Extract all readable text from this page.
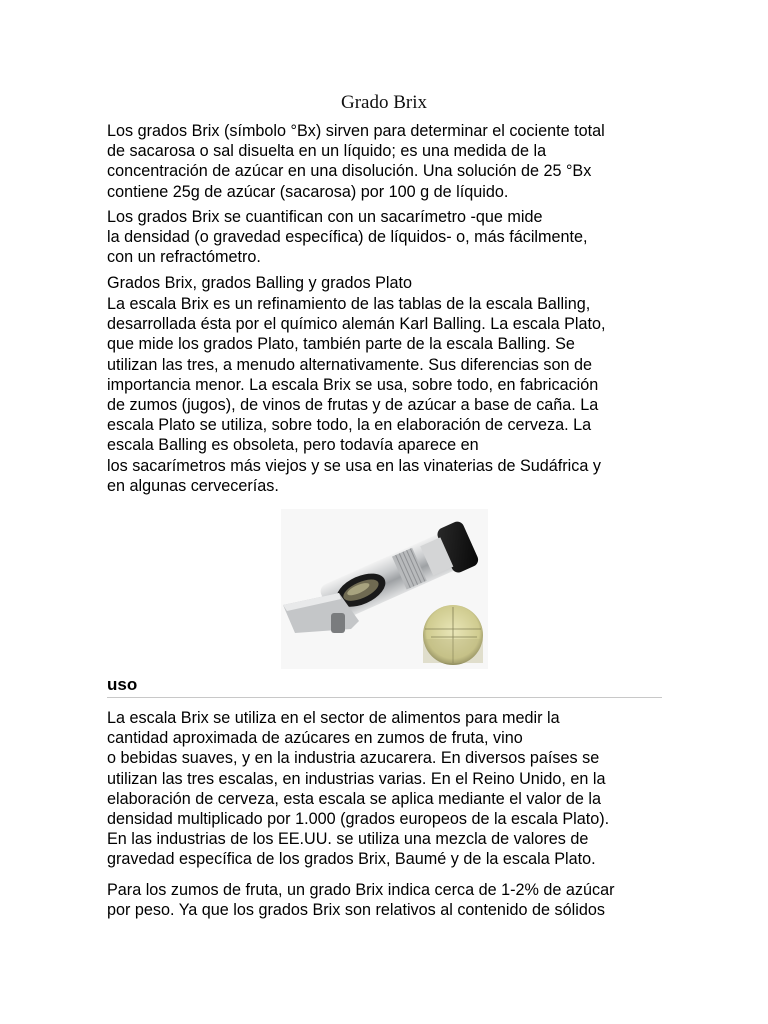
Grado Brix
Los grados Brix (símbolo °Bx) sirven para determinar el cociente total
de sacarosa o sal disuelta en un líquido; es una medida de la
concentración de azúcar en una disolución. Una solución de 25 °Bx
contiene 25g de azúcar (sacarosa) por 100 g de líquido.
Los grados Brix se cuantifican con un sacarímetro -que mide
la densidad (o gravedad específica) de líquidos- o, más fácilmente,
con un refractómetro.
Grados Brix, grados Balling y grados Plato
La escala Brix es un refinamiento de las tablas de la escala Balling,
desarrollada ésta por el químico alemán Karl Balling. La escala Plato,
que mide los grados Plato, también parte de la escala Balling. Se
utilizan las tres, a menudo alternativamente. Sus diferencias son de
importancia menor. La escala Brix se usa, sobre todo, en fabricación
de zumos (jugos), de vinos de frutas y de azúcar a base de caña. La
escala Plato se utiliza, sobre todo, la en elaboración de cerveza. La
escala Balling es obsoleta, pero todavía aparece en
los sacarímetros más viejos y se usa en las vinaterias de Sudáfrica y
en algunas cervecerías.
uso
La escala Brix se utiliza en el sector de alimentos para medir la
cantidad aproximada de azúcares en zumos de fruta, vino
o bebidas suaves, y en la industria azucarera. En diversos países se
utilizan las tres escalas, en industrias varias. En el Reino Unido, en la
elaboración de cerveza, esta escala se aplica mediante el valor de la
densidad multiplicado por 1.000 (grados europeos de la escala Plato).
En las industrias de los EE.UU. se utiliza una mezcla de valores de
gravedad específica de los grados Brix, Baumé y de la escala Plato.
Para los zumos de fruta, un grado Brix indica cerca de 1-2% de azúcar
por peso. Ya que los grados Brix son relativos al contenido de sólidos
